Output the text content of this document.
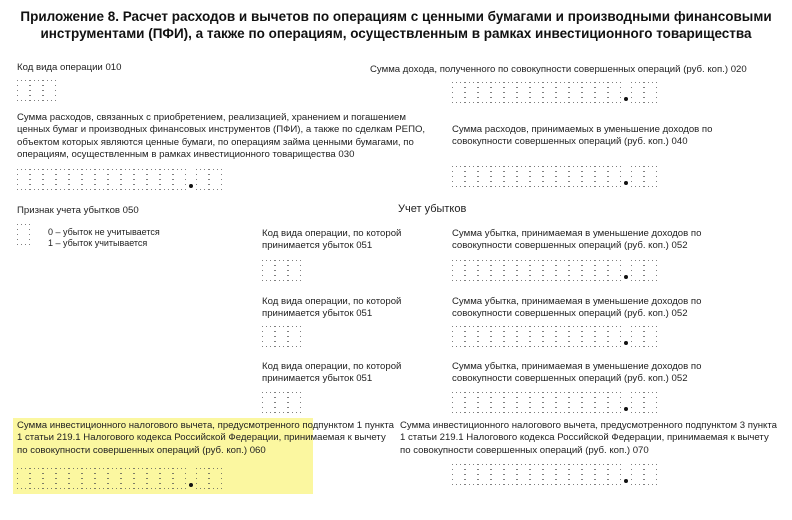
Приложение 8. Расчет расходов и вычетов по операциям с ценными бумагами и производными финансовыми
инструментами (ПФИ), а также по операциям, осуществленным в рамках инвестиционного товарищества
Код вида операции 010	Сумма дохода, полученного по совокупности совершенных операций (руб. коп.) 020
Сумма расходов, связанных с приобретением, реализацией, хранением и погашением ценных бумаг и производных финансовых инструментов (ПФИ), а также по сделкам РЕПО, объектом которых являются ценные бумаги, по операциям займа ценными бумагами, по операциям, осуществленным в рамках инвестиционного товарищества 030
Сумма расходов, принимаемых в уменьшение доходов по совокупности совершенных операций (руб. коп.) 040
Признак учета убытков 050
0 – убыток не учитывается
1 – убыток учитывается
Учет убытков
Код вида операции, по которой принимается убыток 051
Сумма убытка, принимаемая в уменьшение доходов по совокупности совершенных операций (руб. коп.) 052
Код вида операции, по которой принимается убыток 051
Сумма убытка, принимаемая в уменьшение доходов по совокупности совершенных операций (руб. коп.) 052
Код вида операции, по которой принимается убыток 051
Сумма убытка, принимаемая в уменьшение доходов по совокупности совершенных операций (руб. коп.) 052
Сумма инвестиционного налогового вычета, предусмотренного подпунктом 1 пункта 1 статьи 219.1 Налогового кодекса Российской Федерации, принимаемая к вычету по совокупности совершенных операций (руб. коп.) 060
Сумма инвестиционного налогового вычета, предусмотренного подпунктом 3 пункта 1 статьи 219.1 Налогового кодекса Российской Федерации, принимаемая к вычету по совокупности совершенных операций (руб. коп.) 070
